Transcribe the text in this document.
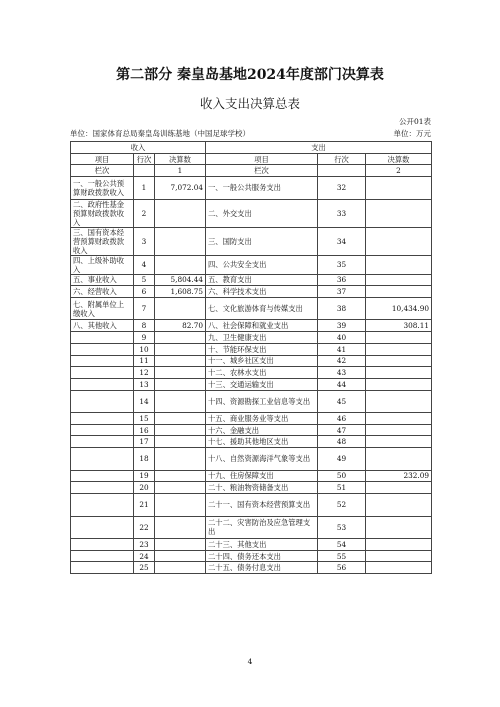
第二部分 秦皇岛基地2024年度部门决算表
收入支出决算总表
公开01表
单位：国家体育总局秦皇岛训练基地（中国足球学校）	单位：万元
收入			支出		
项目	行次	决算数	项目	行次	决算数
栏次		1	栏次		2
一、一般公共预算财政拨款收入	1	7,072.04	一、一般公共服务支出	32	
二、政府性基金预算财政拨款收入	2		二、外交支出	33	
三、国有资本经营预算财政拨款收入	3		三、国防支出	34	
四、上级补助收入	4		四、公共安全支出	35	
五、事业收入	5	5,804.44	五、教育支出	36	
六、经营收入	6	1,608.75	六、科学技术支出	37	
七、附属单位上缴收入	7		七、文化旅游体育与传媒支出	38	10,434.90
八、其他收入	8	82.70	八、社会保障和就业支出	39	308.11
	9		九、卫生健康支出	40	
	10		十、节能环保支出	41	
	11		十一、城乡社区支出	42	
	12		十二、农林水支出	43	
	13		十三、交通运输支出	44	
	14		十四、资源勘探工业信息等支出	45	
	15		十五、商业服务业等支出	46	
	16		十六、金融支出	47	
	17		十七、援助其他地区支出	48	
	18		十八、自然资源海洋气象等支出	49	
	19		十九、住房保障支出	50	232.09
	20		二十、粮油物资储备支出	51	
	21		二十一、国有资本经营预算支出	52	
	22		二十二、灾害防治及应急管理支出	53	
	23		二十三、其他支出	54	
	24		二十四、债务还本支出	55	
	25		二十五、债务付息支出	56	
4
